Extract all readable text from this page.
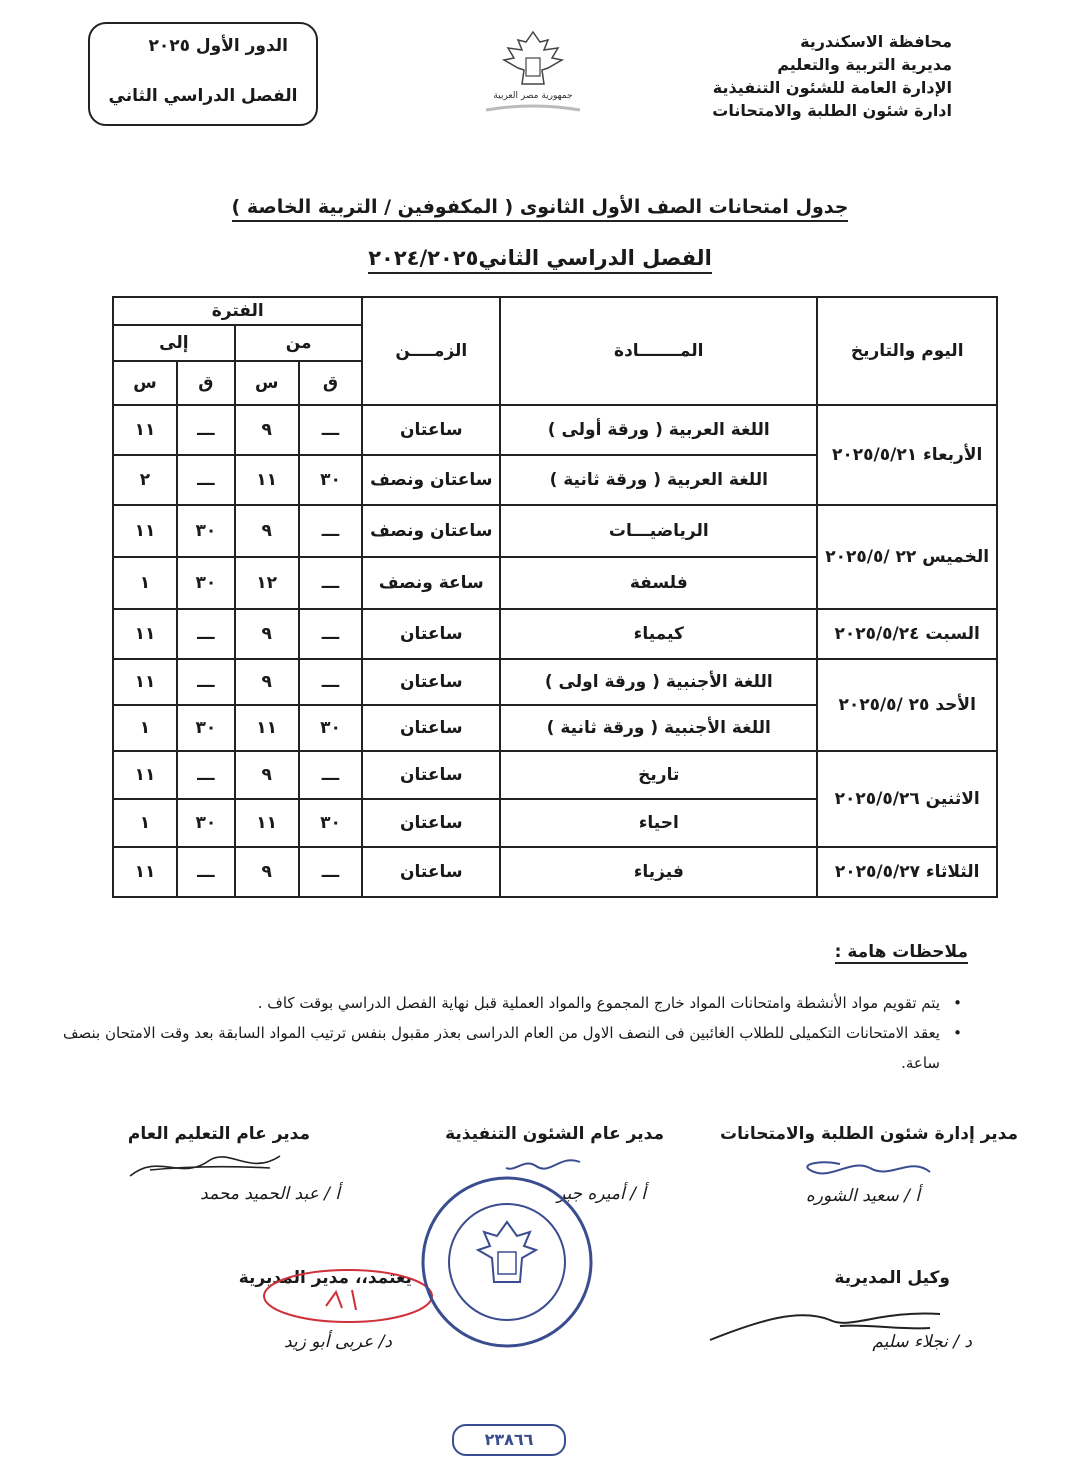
محافظة الاسكندرية
مديرية التربية والتعليم
الإدارة العامة للشئون التنفيذية
ادارة شئون الطلبة والامتحانات
جمهورية مصر العربية
الدور الأول ٢٠٢٥
الفصل الدراسي الثاني
جدول امتحانات الصف الأول الثانوى ( المكفوفين / التربية الخاصة )
الفصل الدراسي الثاني٢٠٢٤/٢٠٢٥
اليوم والتاريخ	المـــــــادة	الزمــــن	الفترة			
			من		إلى	
			ق	س	ق	س
الأربعاء ٢٠٢٥/٥/٢١	اللغة العربية ( ورقة أولى )	ساعتان	ـــ	٩	ـــ	١١
	اللغة العربية ( ورقة ثانية )	ساعتان ونصف	٣٠	١١	ـــ	٢
الخميس ٢٢ /٢٠٢٥/٥	الرياضيـــات	ساعتان ونصف	ـــ	٩	٣٠	١١
	فلسفة	ساعة ونصف	ـــ	١٢	٣٠	١
السبت ٢٠٢٥/٥/٢٤	كيمياء	ساعتان	ـــ	٩	ـــ	١١
الأحد ٢٥ /٢٠٢٥/٥	اللغة الأجنبية ( ورقة اولى )	ساعتان	ـــ	٩	ـــ	١١
	اللغة الأجنبية ( ورقة ثانية )	ساعتان	٣٠	١١	٣٠	١
الاثنين ٢٠٢٥/٥/٢٦	تاريخ	ساعتان	ـــ	٩	ـــ	١١
	احياء	ساعتان	٣٠	١١	٣٠	١
الثلاثاء ٢٠٢٥/٥/٢٧	فيزياء	ساعتان	ـــ	٩	ـــ	١١
ملاحظات هامة :
• يتم تقويم مواد الأنشطة وامتحانات المواد خارج المجموع والمواد العملية قبل نهاية الفصل الدراسي بوقت كاف .
• يعقد الامتحانات التكميلى للطلاب الغائبين فى النصف الاول من العام الدراسى بعذر مقبول بنفس ترتيب المواد السابقة بعد وقت الامتحان بنصف ساعة.
مدير إدارة شئون الطلبة والامتحانات
أ / سعيد الشوره
مدير عام الشئون التنفيذية
أ / أميره جبر
مدير عام التعليم العام
أ / عبد الحميد محمد
وكيل المديرية
د / نجلاء سليم
يعتمد،، مدير المديرية
د/ عربى أبو زيد
٢٣٨٦٦
